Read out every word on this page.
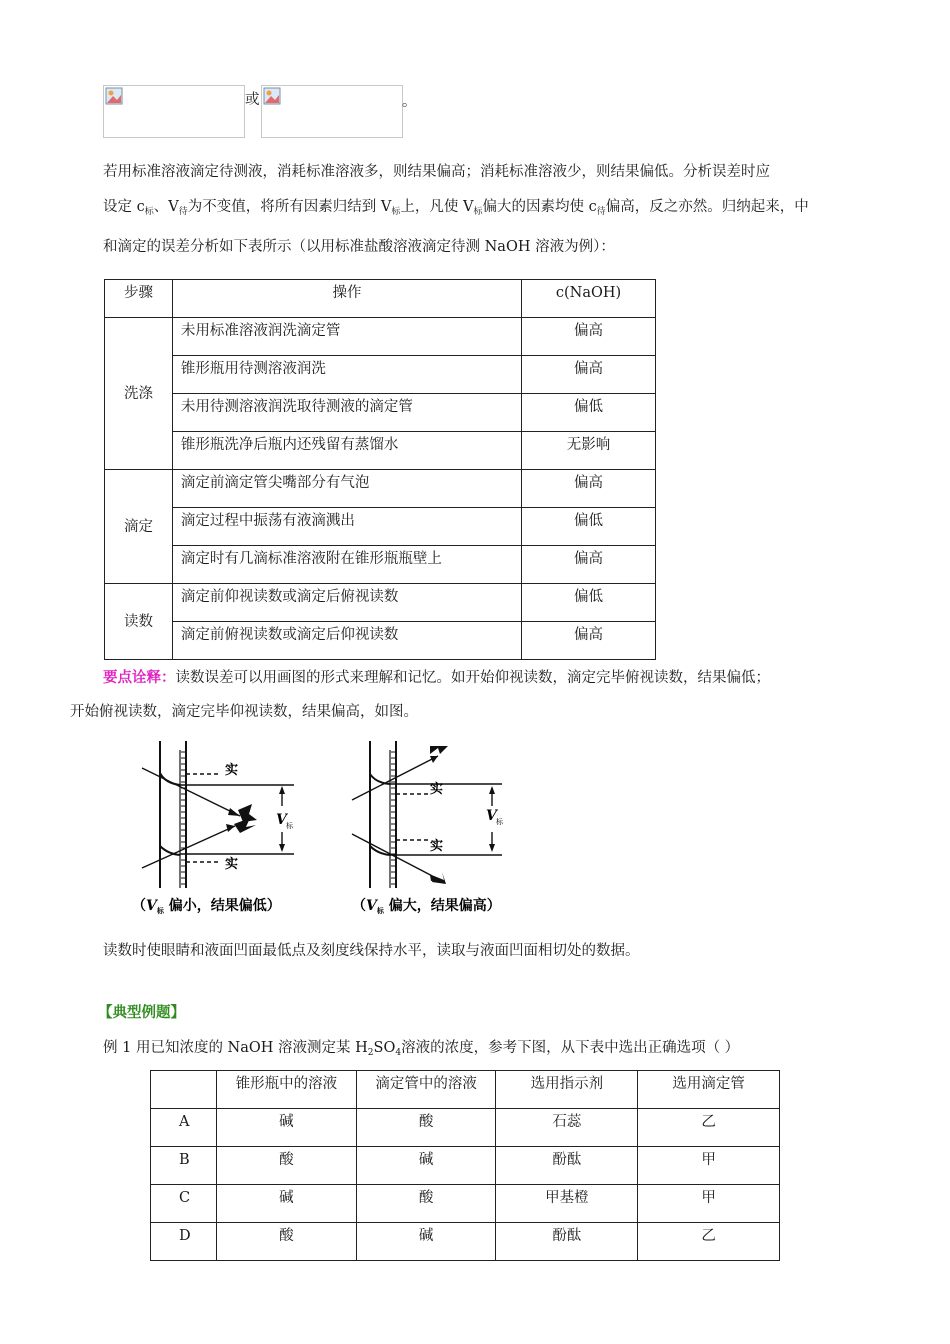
或	。
若用标准溶液滴定待测液，消耗标准溶液多，则结果偏高；消耗标准溶液少，则结果偏低。分析误差时应
设定 $c_标$、$V_待$为不变值，将所有因素归结到 $V_标$上，凡使 $V_标$偏大的因素均使 $c_待$偏高，反之亦然。归纳起来，中
和滴定的误差分析如下表所示（以用标准盐酸溶液滴定待测 NaOH 溶液为例）：
步骤	操作	c(NaOH)
洗涤	未用标准溶液润洗滴定管	偏高
	锥形瓶用待测溶液润洗	偏高
	未用待测溶液润洗取待测液的滴定管	偏低
	锥形瓶洗净后瓶内还残留有蒸馏水	无影响
滴定	滴定前滴定管尖嘴部分有气泡	偏高
	滴定过程中振荡有液滴溅出	偏低
	滴定时有几滴标准溶液附在锥形瓶瓶壁上	偏高
读数	滴定前仰视读数或滴定后俯视读数	偏低
	滴定前俯视读数或滴定后仰视读数	偏高
要点诠释：读数误差可以用画图的形式来理解和记忆。如开始仰视读数，滴定完毕俯视读数，结果偏低；
开始俯视读数，滴定完毕仰视读数，结果偏高，如图。
实
实
V 标
实
实
V 标
（$V_标$ 偏小，结果偏低）	（$V_标$ 偏大，结果偏高）
读数时使眼睛和液面凹面最低点及刻度线保持水平，读取与液面凹面相切处的数据。
【典型例题】
例 1 用已知浓度的 NaOH 溶液测定某 $H_2SO_4$溶液的浓度，参考下图，从下表中选出正确选项（ ）
	锥形瓶中的溶液	滴定管中的溶液	选用指示剂	选用滴定管
A	碱	酸	石蕊	乙
B	酸	碱	酚酞	甲
C	碱	酸	甲基橙	甲
D	酸	碱	酚酞	乙
